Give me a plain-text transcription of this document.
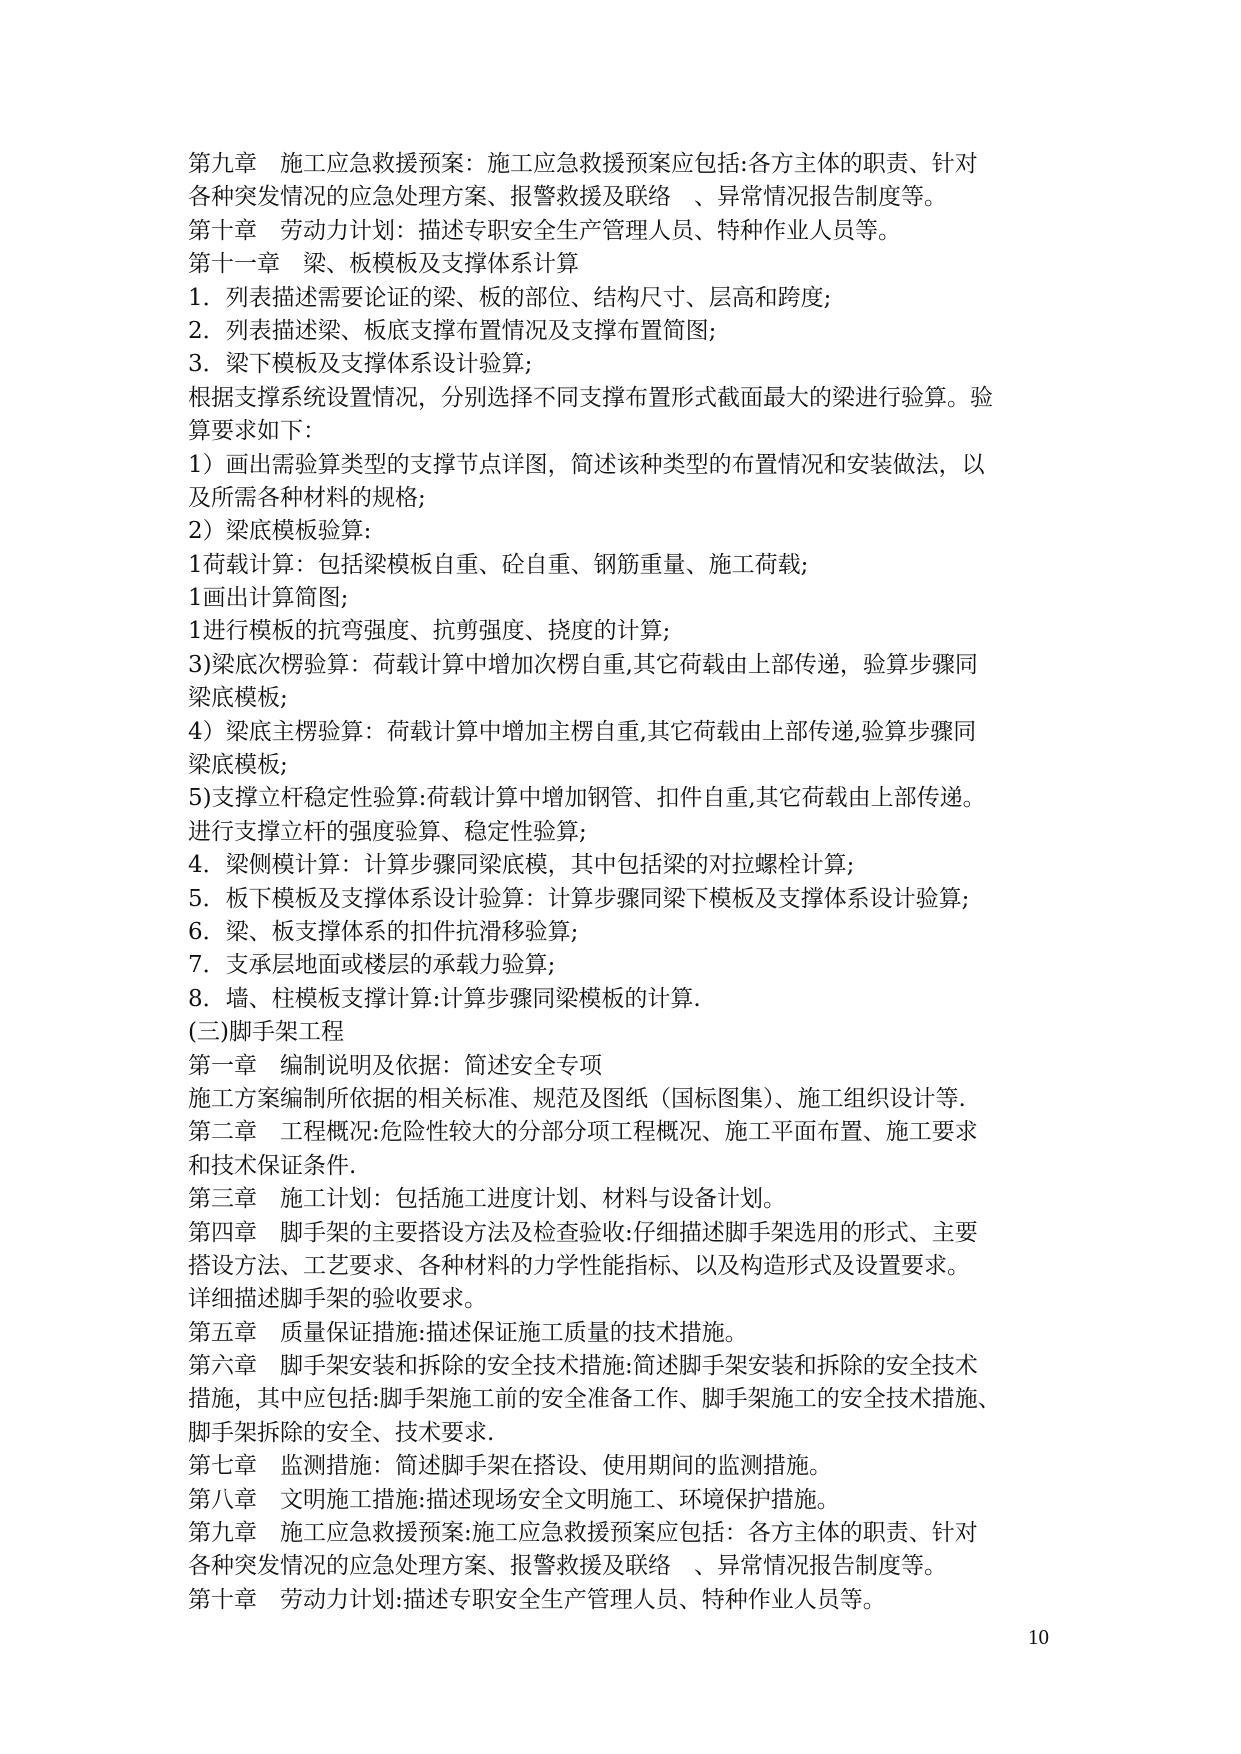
第九章　施工应急救援预案：施工应急救援预案应包括:各方主体的职责、针对
各种突发情况的应急处理方案、报警救援及联络　、异常情况报告制度等。
第十章　劳动力计划：描述专职安全生产管理人员、特种作业人员等。
第十一章　梁、板模板及支撑体系计算
1．列表描述需要论证的梁、板的部位、结构尺寸、层高和跨度;
2．列表描述梁、板底支撑布置情况及支撑布置简图;
3．梁下模板及支撑体系设计验算;
根据支撑系统设置情况，分别选择不同支撑布置形式截面最大的梁进行验算。验
算要求如下：
1）画出需验算类型的支撑节点详图，简述该种类型的布置情况和安装做法，以
及所需各种材料的规格;
2）梁底模板验算:
1荷载计算：包括梁模板自重、砼自重、钢筋重量、施工荷载;
1画出计算简图;
1进行模板的抗弯强度、抗剪强度、挠度的计算;
3)梁底次楞验算：荷载计算中增加次楞自重,其它荷载由上部传递，验算步骤同
梁底模板;
4）梁底主楞验算：荷载计算中增加主楞自重,其它荷载由上部传递,验算步骤同
梁底模板;
5)支撑立杆稳定性验算:荷载计算中增加钢管、扣件自重,其它荷载由上部传递。
进行支撑立杆的强度验算、稳定性验算;
4．梁侧模计算：计算步骤同梁底模，其中包括梁的对拉螺栓计算;
5．板下模板及支撑体系设计验算：计算步骤同梁下模板及支撑体系设计验算;
6．梁、板支撑体系的扣件抗滑移验算;
7．支承层地面或楼层的承载力验算;
8．墙、柱模板支撑计算:计算步骤同梁模板的计算.
(三)脚手架工程
第一章　编制说明及依据：简述安全专项
施工方案编制所依据的相关标准、规范及图纸（国标图集）、施工组织设计等.
第二章　工程概况:危险性较大的分部分项工程概况、施工平面布置、施工要求
和技术保证条件.
第三章　施工计划：包括施工进度计划、材料与设备计划。
第四章　脚手架的主要搭设方法及检查验收:仔细描述脚手架选用的形式、主要
搭设方法、工艺要求、各种材料的力学性能指标、以及构造形式及设置要求。
详细描述脚手架的验收要求。
第五章　质量保证措施:描述保证施工质量的技术措施。
第六章　脚手架安装和拆除的安全技术措施:简述脚手架安装和拆除的安全技术
措施，其中应包括:脚手架施工前的安全准备工作、脚手架施工的安全技术措施、
脚手架拆除的安全、技术要求.
第七章　监测措施：简述脚手架在搭设、使用期间的监测措施。
第八章　文明施工措施:描述现场安全文明施工、环境保护措施。
第九章　施工应急救援预案:施工应急救援预案应包括：各方主体的职责、针对
各种突发情况的应急处理方案、报警救援及联络　、异常情况报告制度等。
第十章　劳动力计划:描述专职安全生产管理人员、特种作业人员等。
10
